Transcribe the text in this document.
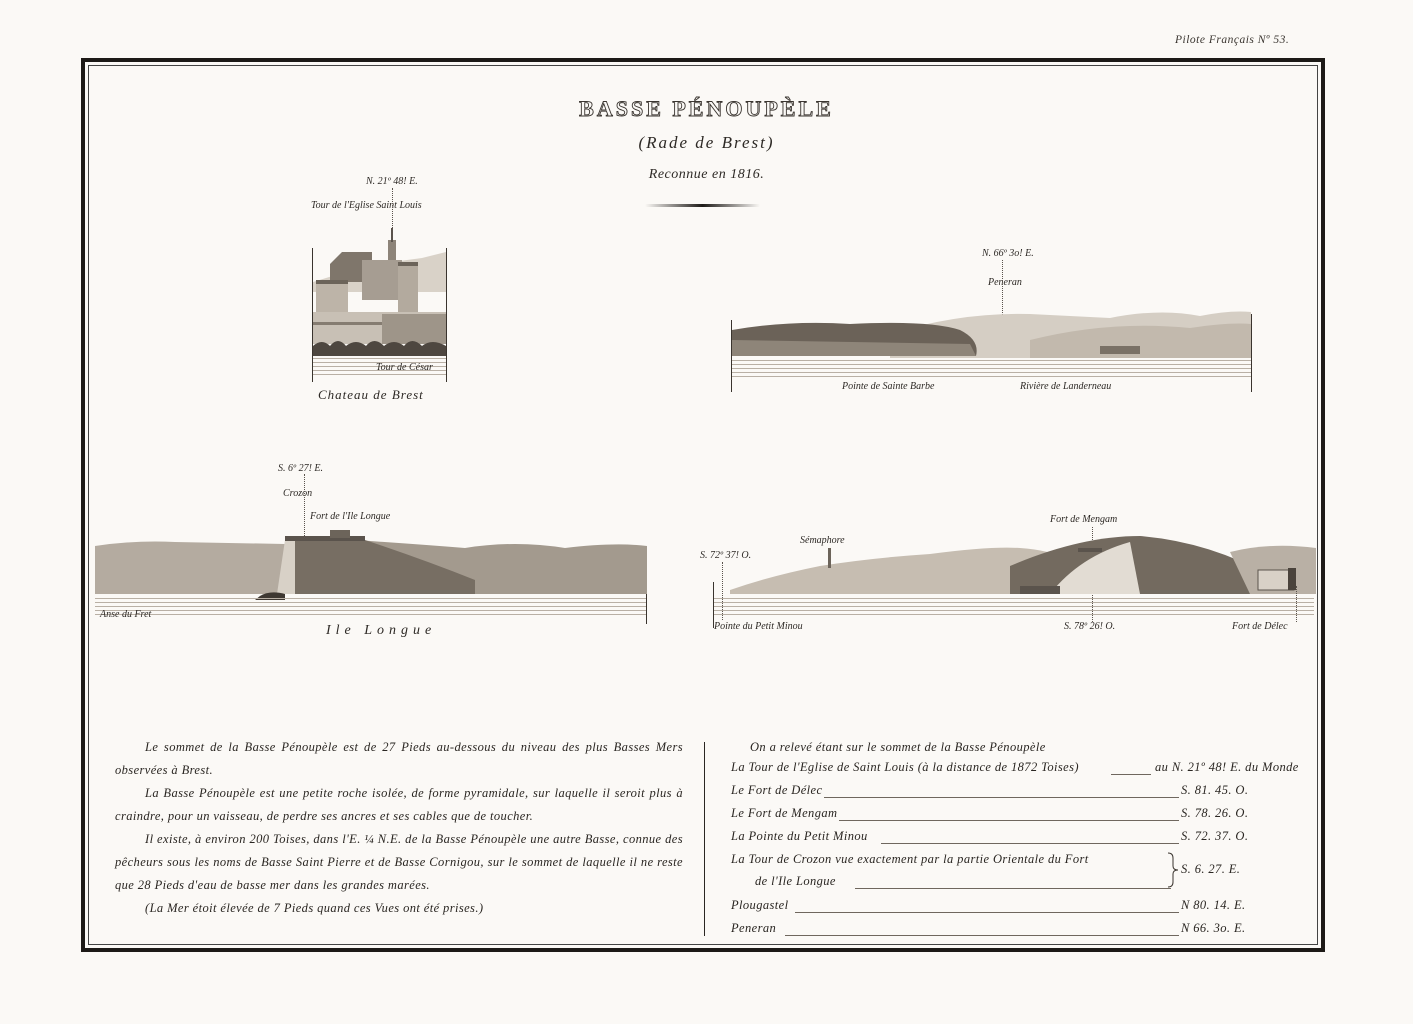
Pilote Français Nº 53.
BASSE PÉNOUPÈLE
(Rade de Brest)
Reconnue en 1816.
N. 21º 48! E.
Tour de l'Eglise Saint Louis
Tour de César
Chateau de Brest
N. 66º 3o! E.
Peneran
Pointe de Sainte Barbe	Rivière de Landerneau
S. 6º 27! E.
Crozon
Fort de l'Ile Longue
Anse du Fret
Ile Longue
Sémaphore
Fort de Mengam
S. 72º 37! O.
Pointe du Petit Minou	S. 78º 26! O.	Fort de Délec

Le sommet de la Basse Pénoupèle est de 27 Pieds au-dessous du niveau des plus Basses Mers observées à Brest.

La Basse Pénoupèle est une petite roche isolée, de forme pyramidale, sur laquelle il seroit plus à craindre, pour un vaisseau, de perdre ses ancres et ses cables que de toucher.

Il existe, à environ 200 Toises, dans l'E. ¼ N.E. de la Basse Pénoupèle une autre Basse, connue des pêcheurs sous les noms de Basse Saint Pierre et de Basse Cornigou, sur le sommet de laquelle il ne reste que 28 Pieds d'eau de basse mer dans les grandes marées.

(La Mer étoit élevée de 7 Pieds quand ces Vues ont été prises.)

On a relevé étant sur le sommet de la Basse Pénoupèle
La Tour de l'Eglise de Saint Louis (à la distance de 1872 Toises)	au N. 21º 48! E. du Monde
Le Fort de Délec	S. 81. 45. O.
Le Fort de Mengam	S. 78. 26. O.
La Pointe du Petit Minou	S. 72. 37. O.
La Tour de Crozon vue exactement par la partie Orientale du Fort
de l'Ile Longue
S. 6. 27. E.
Plougastel	N 80. 14. E.
Peneran	N 66. 3o. E.
